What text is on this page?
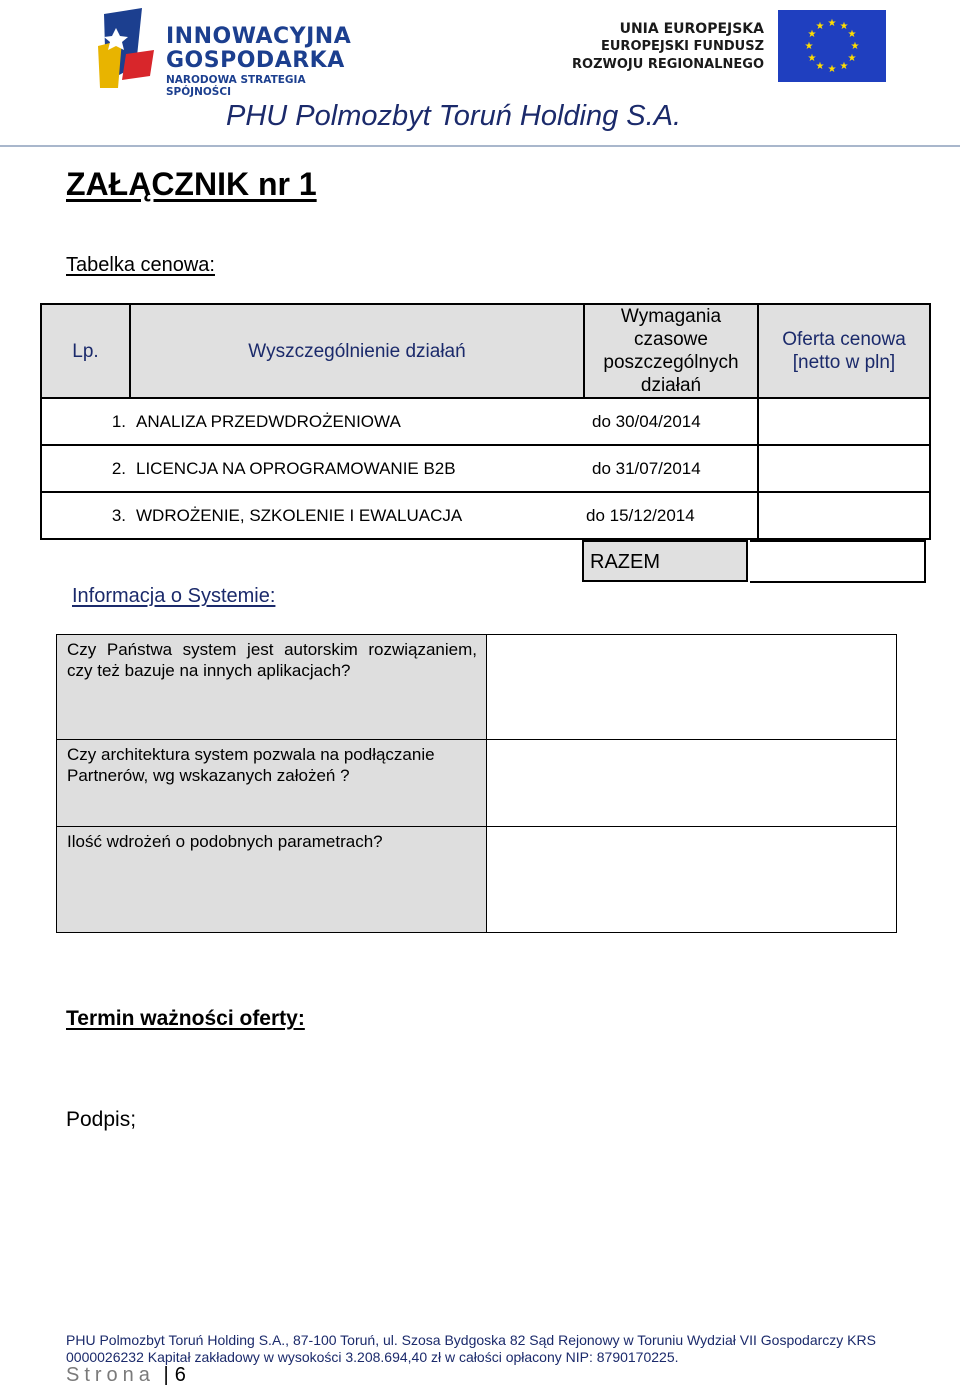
INNOWACYJNA
GOSPODARKA
NARODOWA STRATEGIA SPÓJNOŚCI
UNIA EUROPEJSKA
EUROPEJSKI FUNDUSZ
ROZWOJU REGIONALNEGO
★ ★
★
★
★
★
★
★
★
★
★
★
PHU Polmozbyt Toruń Holding S.A.
ZAŁĄCZNIK nr 1
Tabelka cenowa:
Lp.	Wyszczególnienie działań	Wymagania czasowe poszczególnych działań	Oferta cenowa [netto w pln]
1.	ANALIZA PRZEDWDROŻENIOWA	do 30/04/2014	
2.	LICENCJA NA OPROGRAMOWANIE B2B	do 31/07/2014	
3.	WDROŻENIE, SZKOLENIE I EWALUACJA	do 15/12/2014	
RAZEM
Informacja o Systemie:
Czy Państwa system jest autorskim rozwiązaniem, czy też bazuje na innych aplikacjach?
Czy architektura system pozwala na podłączanie Partnerów, wg wskazanych założeń ?
Ilość wdrożeń o podobnych parametrach?
Termin ważności oferty:
Podpis;
PHU Polmozbyt Toruń Holding S.A., 87-100 Toruń, ul. Szosa Bydgoska 82 Sąd Rejonowy w Toruniu Wydział VII Gospodarczy KRS
0000026232 Kapitał zakładowy w wysokości 3.208.694,40 zł w całości opłacony NIP: 8790170225.
Strona | 6
